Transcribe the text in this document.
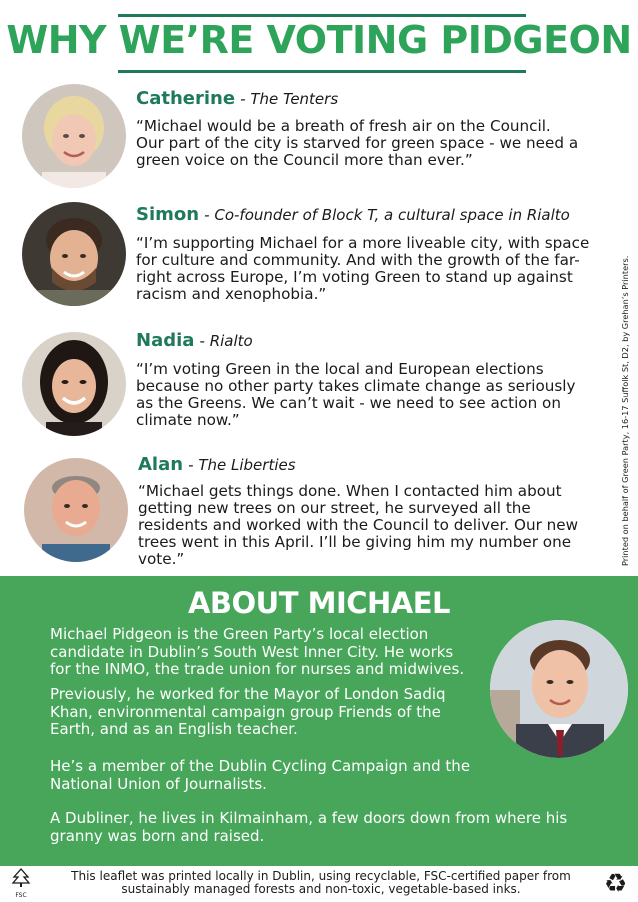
WHY WE’RE VOTING PIDGEON
Catherine - The Tenters
“Michael would be a breath of fresh air on the Council.
Our part of the city is starved for green space - we need a
green voice on the Council more than ever.”
Simon - Co-founder of Block T, a cultural space in Rialto
“I’m supporting Michael for a more liveable city, with space
for culture and community. And with the growth of the far-
right across Europe, I’m voting Green to stand up against
racism and xenophobia.”
Nadia - Rialto
“I’m voting Green in the local and European elections
because no other party takes climate change as seriously
as the Greens. We can’t wait - we need to see action on
climate now.”
Alan - The Liberties
“Michael gets things done. When I contacted him about
getting new trees on our street, he surveyed all the
residents and worked with the Council to deliver. Our new
trees went in this April. I’ll be giving him my number one
vote.”	Printed on behalf of Green Party, 16-17 Suffolk St, D2, by Grehan’s Printers.
ABOUT MICHAEL
Michael Pidgeon is the Green Party’s local election
candidate in Dublin’s South West Inner City. He works
for the INMO, the trade union for nurses and midwives.
Previously, he worked for the Mayor of London Sadiq
Khan, environmental campaign group Friends of the
Earth, and as an English teacher.
He’s a member of the Dublin Cycling Campaign and the
National Union of Journalists.
A Dubliner, he lives in Kilmainham, a few doors down from where his
granny was born and raised.
FSC
This leaflet was printed locally in Dublin, using recyclable, FSC-certified paper from
sustainably managed forests and non-toxic, vegetable-based inks.	♻
